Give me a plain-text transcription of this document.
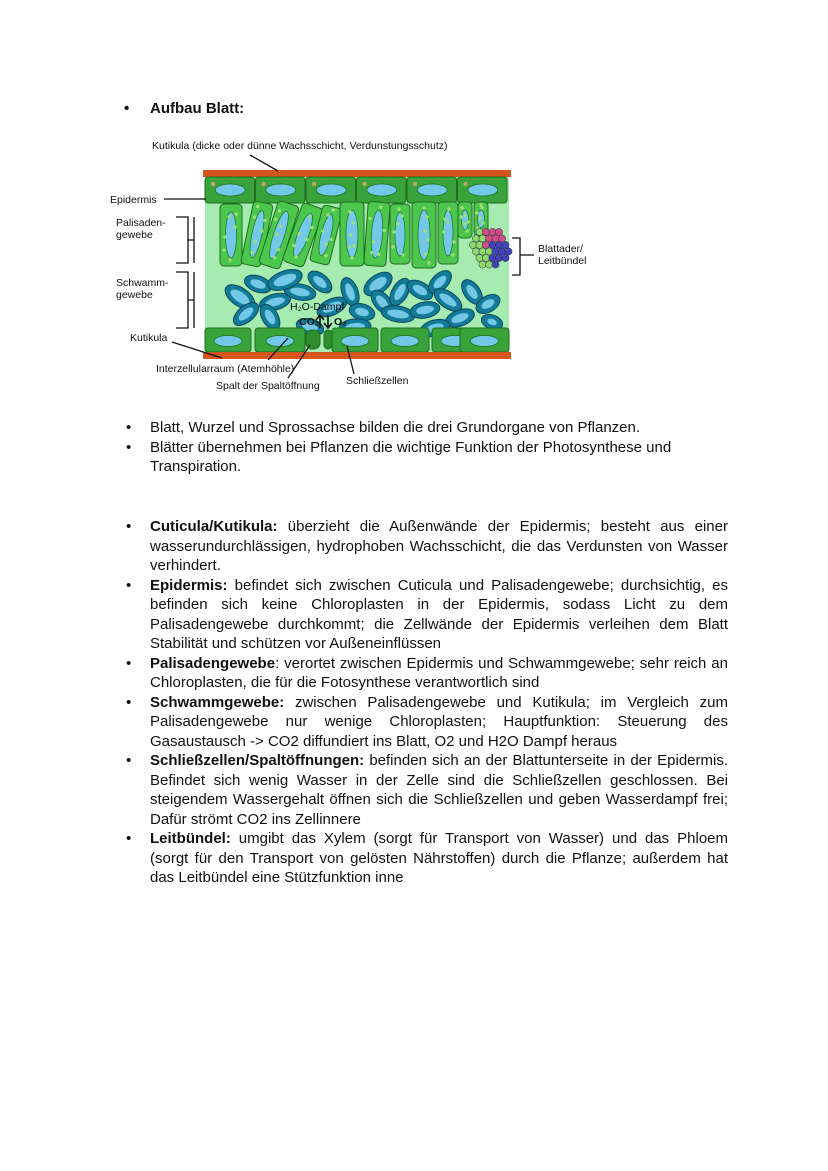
• Aufbau Blatt:
H₂O-Dampf
CO₂ O₂
Kutikula (dicke oder dünne Wachsschicht, Verdunstungsschutz)
Epidermis
Palisaden-
gewebe
Schwamm-
gewebe
Kutikula
Interzellularraum (Atemhöhle)
Spalt der Spaltöffnung	Schließzellen
Blattader/
Leitbündel
• Blatt, Wurzel und Sprossachse bilden die drei Grundorgane von Pflanzen.
• Blätter übernehmen bei Pflanzen die wichtige Funktion der Photosynthese und Transpiration.
• Cuticula/Kutikula: überzieht die Außenwände der Epidermis; besteht aus einer wasserundurchlässigen, hydrophoben Wachsschicht, die das Verdunsten von Wasser verhindert.
• Epidermis: befindet sich zwischen Cuticula und Palisadengewebe; durchsichtig, es befinden sich keine Chloroplasten in der Epidermis, sodass Licht zu dem Palisadengewebe durchkommt; die Zellwände der Epidermis verleihen dem Blatt Stabilität und schützen vor Außeneinflüssen
• Palisadengewebe: verortet zwischen Epidermis und Schwammgewebe; sehr reich an Chloroplasten, die für die Fotosynthese verantwortlich sind
• Schwammgewebe: zwischen Palisadengewebe und Kutikula; im Vergleich zum Palisadengewebe nur wenige Chloroplasten; Hauptfunktion: Steuerung des Gasaustausch -> CO2 diffundiert ins Blatt, O2 und H2O Dampf heraus
• Schließzellen/Spaltöffnungen: befinden sich an der Blattunterseite in der Epidermis. Befindet sich wenig Wasser in der Zelle sind die Schließzellen geschlossen. Bei steigendem Wassergehalt öffnen sich die Schließzellen und geben Wasserdampf frei; Dafür strömt CO2 ins Zellinnere
• Leitbündel: umgibt das Xylem (sorgt für Transport von Wasser) und das Phloem (sorgt für den Transport von gelösten Nährstoffen) durch die Pflanze; außerdem hat das Leitbündel eine Stützfunktion inne
